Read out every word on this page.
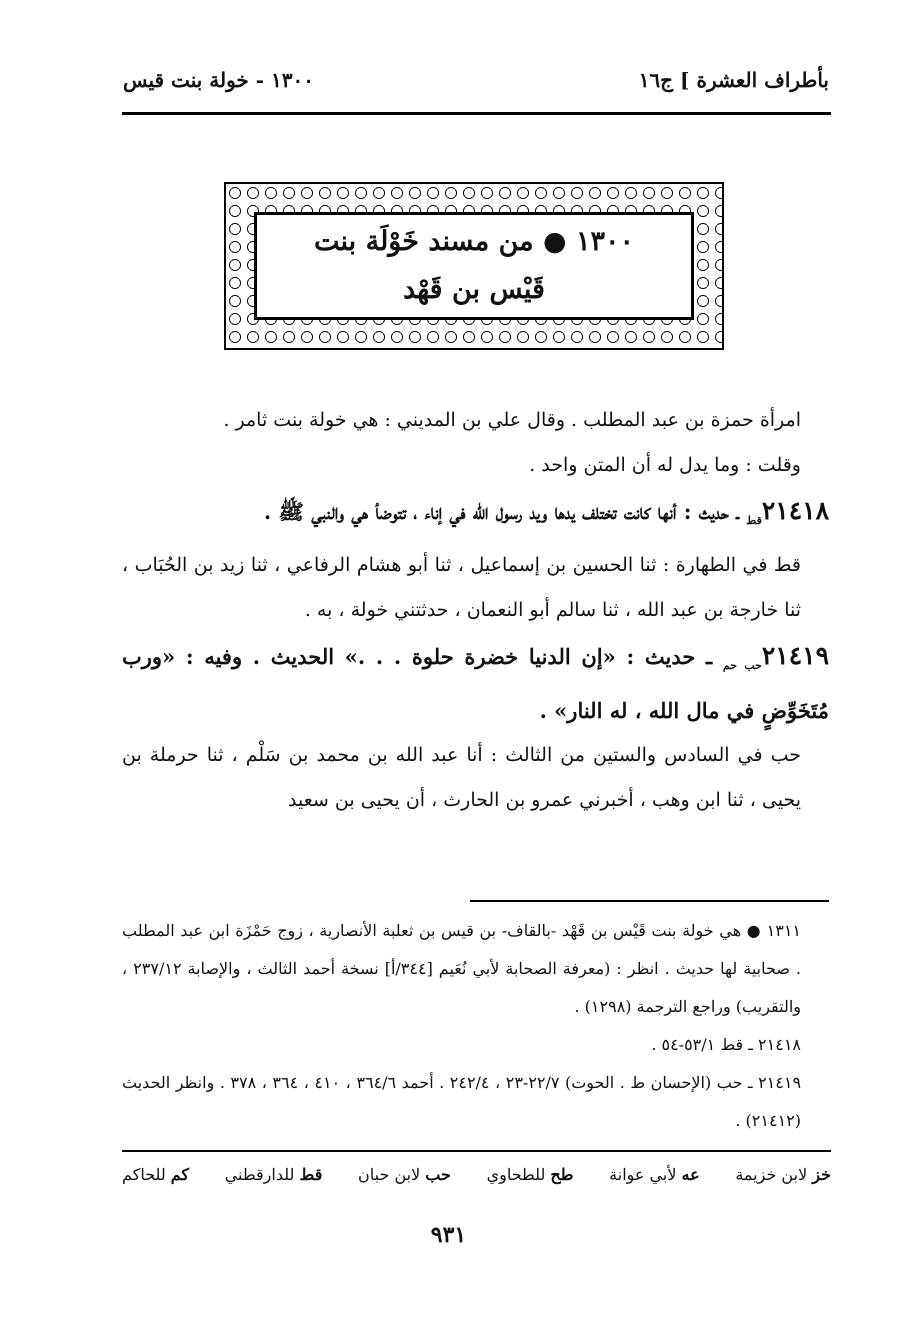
بأطراف العشرة ] ج١٦
١٣٠٠ - خولة بنت قيس
١٣٠٠ ● من مسند خَوْلَة بنت
قَيْس بن قَهْد

امرأة حمزة بن عبد المطلب . وقال علي بن المديني : هي خولة بنت ثامر .

وقلت : وما يدل له أن المتن واحد .

$٢١٤١٨_{قط}$ ـ حديث : أنها كانت تختلف يدها ويد رسول الله في إناء ، تتوضأ هي والنبي ﷺ .

قط في الطهارة : ثنا الحسين بن إسماعيل ، ثنا أبو هشام الرفاعي ، ثنا زيد بن الحُبَاب ، ثنا خارجة بن عبد الله ، ثنا سالم أبو النعمان ، حدثتني خولة ، به .

$٢١٤١٩_{حب حم}$ ـ حديث : «إن الدنيا خضرة حلوة . . .» الحديث . وفيه : «ورب مُتَخَوِّضٍ في مال الله ، له النار» .

حب في السادس والستين من الثالث : أنا عبد الله بن محمد بن سَلْم ، ثنا حرملة بن يحيى ، ثنا ابن وهب ، أخبرني عمرو بن الحارث ، أن يحيى بن سعيد

١٣١١ ● هي خولة بنت قَيْس بن قَهْد -بالقاف- بن قيس بن ثعلبة الأنصارية ، زوج حَمْزَة ابن عبد المطلب . صحابية لها حديث . انظر : (معرفة الصحابة لأبي نُعَيم [٣٤٤/أ] نسخة أحمد الثالث ، والإصابة ٢٣٧/١٢ ، والتقريب) وراجع الترجمة (١٢٩٨) .

٢١٤١٨ ـ قط ٥٣/١-٥٤ .

٢١٤١٩ ـ حب (الإحسان ط . الحوت) ٢٢/٧-٢٣ ، ٢٤٢/٤ . أحمد ٣٦٤/٦ ، ٤١٠ ، ٣٦٤ ، ٣٧٨ . وانظر الحديث (٢١٤١٢) .

خز لابن خزيمة
عه لأبي عوانة
طح للطحاوي
حب لابن حبان
قط للدارقطني
كم للحاكم
٩٣١
